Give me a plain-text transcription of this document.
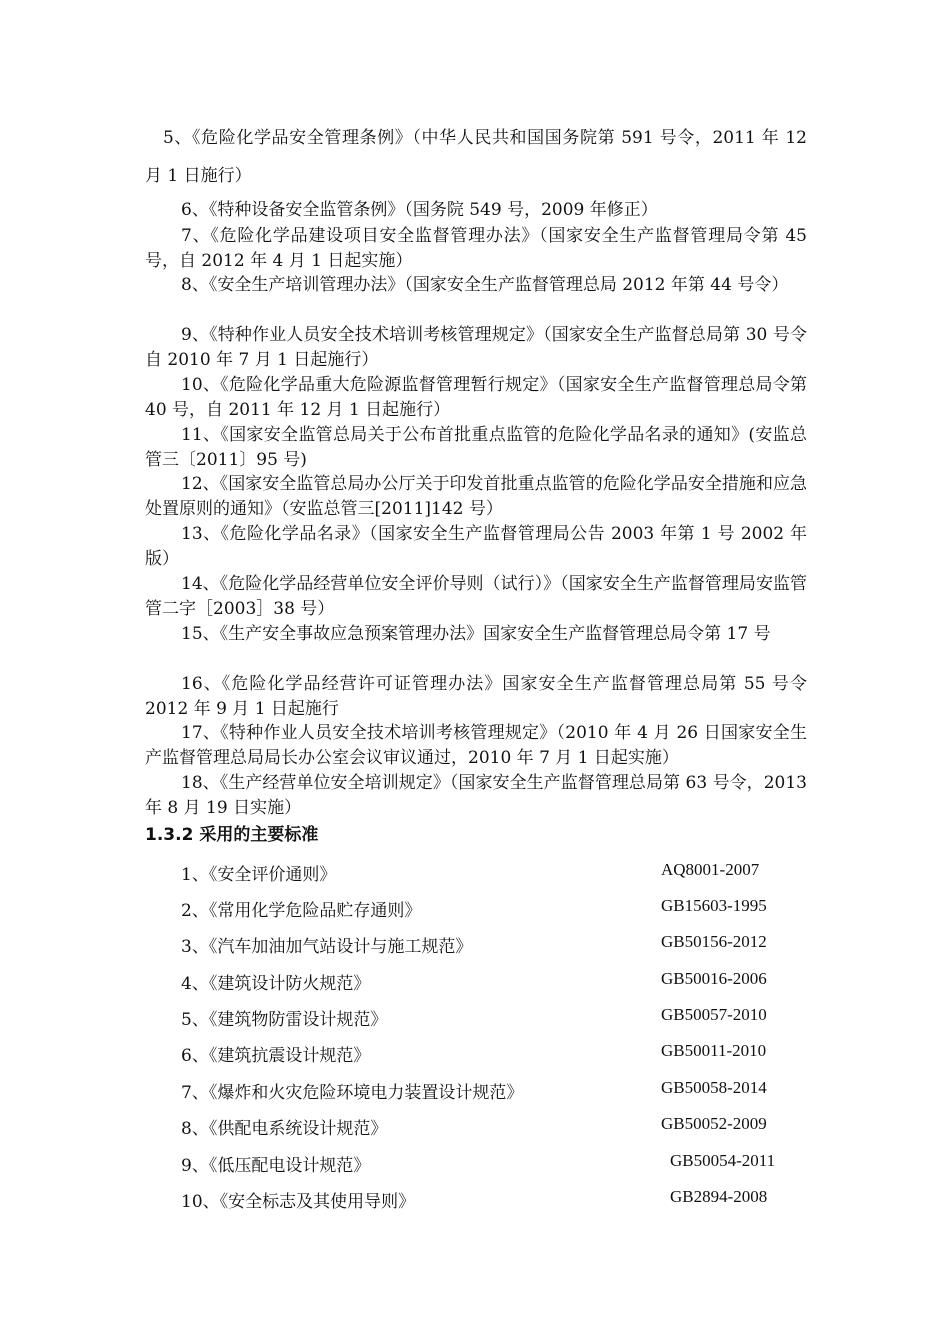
5、《危险化学品安全管理条例》（中华人民共和国国务院第 591 号令，2011 年 12 月 1 日施行）

6、《特种设备安全监管条例》（国务院 549 号，2009 年修正）

7、《危险化学品建设项目安全监督管理办法》（国家安全生产监督管理局令第 45 号，自 2012 年 4 月 1 日起实施）

8、《安全生产培训管理办法》（国家安全生产监督管理总局 2012 年第 44 号令）

9、《特种作业人员安全技术培训考核管理规定》（国家安全生产监督总局第 30 号令自 2010 年 7 月 1 日起施行）

10、《危险化学品重大危险源监督管理暂行规定》（国家安全生产监督管理总局令第 40 号，自 2011 年 12 月 1 日起施行）

11、《国家安全监管总局关于公布首批重点监管的危险化学品名录的通知》(安监总管三〔2011〕95 号)

12、《国家安全监管总局办公厅关于印发首批重点监管的危险化学品安全措施和应急处置原则的通知》（安监总管三[2011]142 号）

13、《危险化学品名录》（国家安全生产监督管理局公告 2003 年第 1 号 2002 年版）

14、《危险化学品经营单位安全评价导则（试行）》（国家安全生产监督管理局安监管管二字［2003］38 号）

15、《生产安全事故应急预案管理办法》国家安全生产监督管理总局令第 17 号

16、《危险化学品经营许可证管理办法》国家安全生产监督管理总局第 55 号令 2012 年 9 月 1 日起施行

17、《特种作业人员安全技术培训考核管理规定》（2010 年 4 月 26 日国家安全生产监督管理总局局长办公室会议审议通过，2010 年 7 月 1 日起实施）

18、《生产经营单位安全培训规定》（国家安全生产监督管理总局第 63 号令，2013 年 8 月 19 日实施）

1.3.2 采用的主要标准

1、《安全评价通则》	AQ8001-2007
2、《常用化学危险品贮存通则》	GB15603-1995
3、《汽车加油加气站设计与施工规范》	GB50156-2012
4、《建筑设计防火规范》	GB50016-2006
5、《建筑物防雷设计规范》	GB50057-2010
6、《建筑抗震设计规范》	GB50011-2010
7、《爆炸和火灾危险环境电力装置设计规范》	GB50058-2014
8、《供配电系统设计规范》	GB50052-2009
9、《低压配电设计规范》	GB50054-2011
10、《安全标志及其使用导则》	GB2894-2008
